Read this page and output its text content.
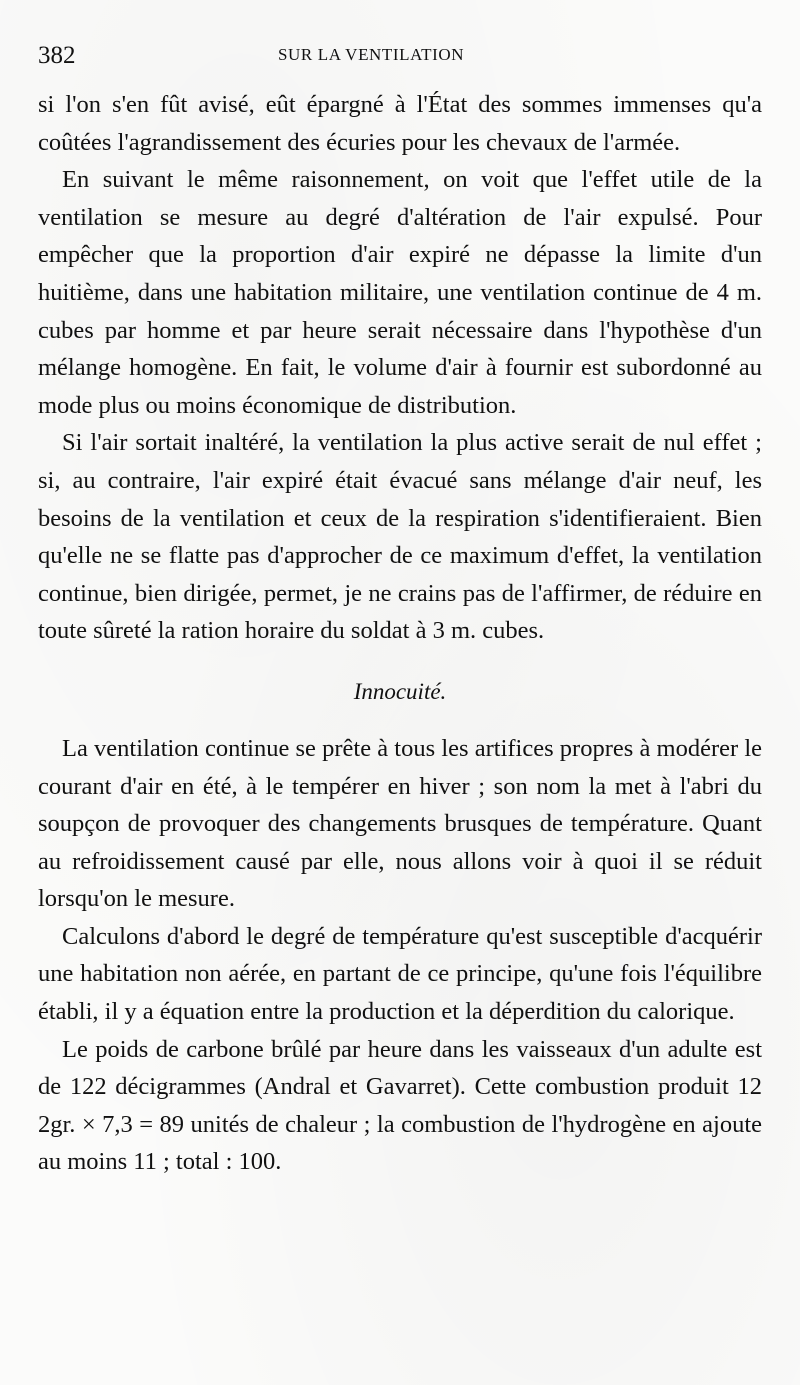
382	SUR LA VENTILATION

si l'on s'en fût avisé, eût épargné à l'État des sommes immenses qu'a coûtées l'agrandissement des écuries pour les chevaux de l'armée.

En suivant le même raisonnement, on voit que l'effet utile de la ventilation se mesure au degré d'altération de l'air expulsé. Pour empêcher que la proportion d'air expiré ne dépasse la limite d'un huitième, dans une habitation militaire, une ventilation continue de 4 m. cubes par homme et par heure serait nécessaire dans l'hypothèse d'un mélange homogène. En fait, le volume d'air à fournir est subordonné au mode plus ou moins économique de distribution.

Si l'air sortait inaltéré, la ventilation la plus active serait de nul effet ; si, au contraire, l'air expiré était évacué sans mélange d'air neuf, les besoins de la ventilation et ceux de la respiration s'identifieraient. Bien qu'elle ne se flatte pas d'approcher de ce maximum d'effet, la ventilation continue, bien dirigée, permet, je ne crains pas de l'affirmer, de réduire en toute sûreté la ration horaire du soldat à 3 m. cubes.

Innocuité.

La ventilation continue se prête à tous les artifices propres à modérer le courant d'air en été, à le tempérer en hiver ; son nom la met à l'abri du soupçon de provoquer des changements brusques de température. Quant au refroidissement causé par elle, nous allons voir à quoi il se réduit lorsqu'on le mesure.

Calculons d'abord le degré de température qu'est susceptible d'acquérir une habitation non aérée, en partant de ce principe, qu'une fois l'équilibre établi, il y a équation entre la production et la déperdition du calorique.

Le poids de carbone brûlé par heure dans les vaisseaux d'un adulte est de 122 décigrammes (Andral et Gavarret). Cette combustion produit 12 2gr. × 7,3 = 89 unités de chaleur ; la combustion de l'hydrogène en ajoute au moins 11 ; total : 100.
